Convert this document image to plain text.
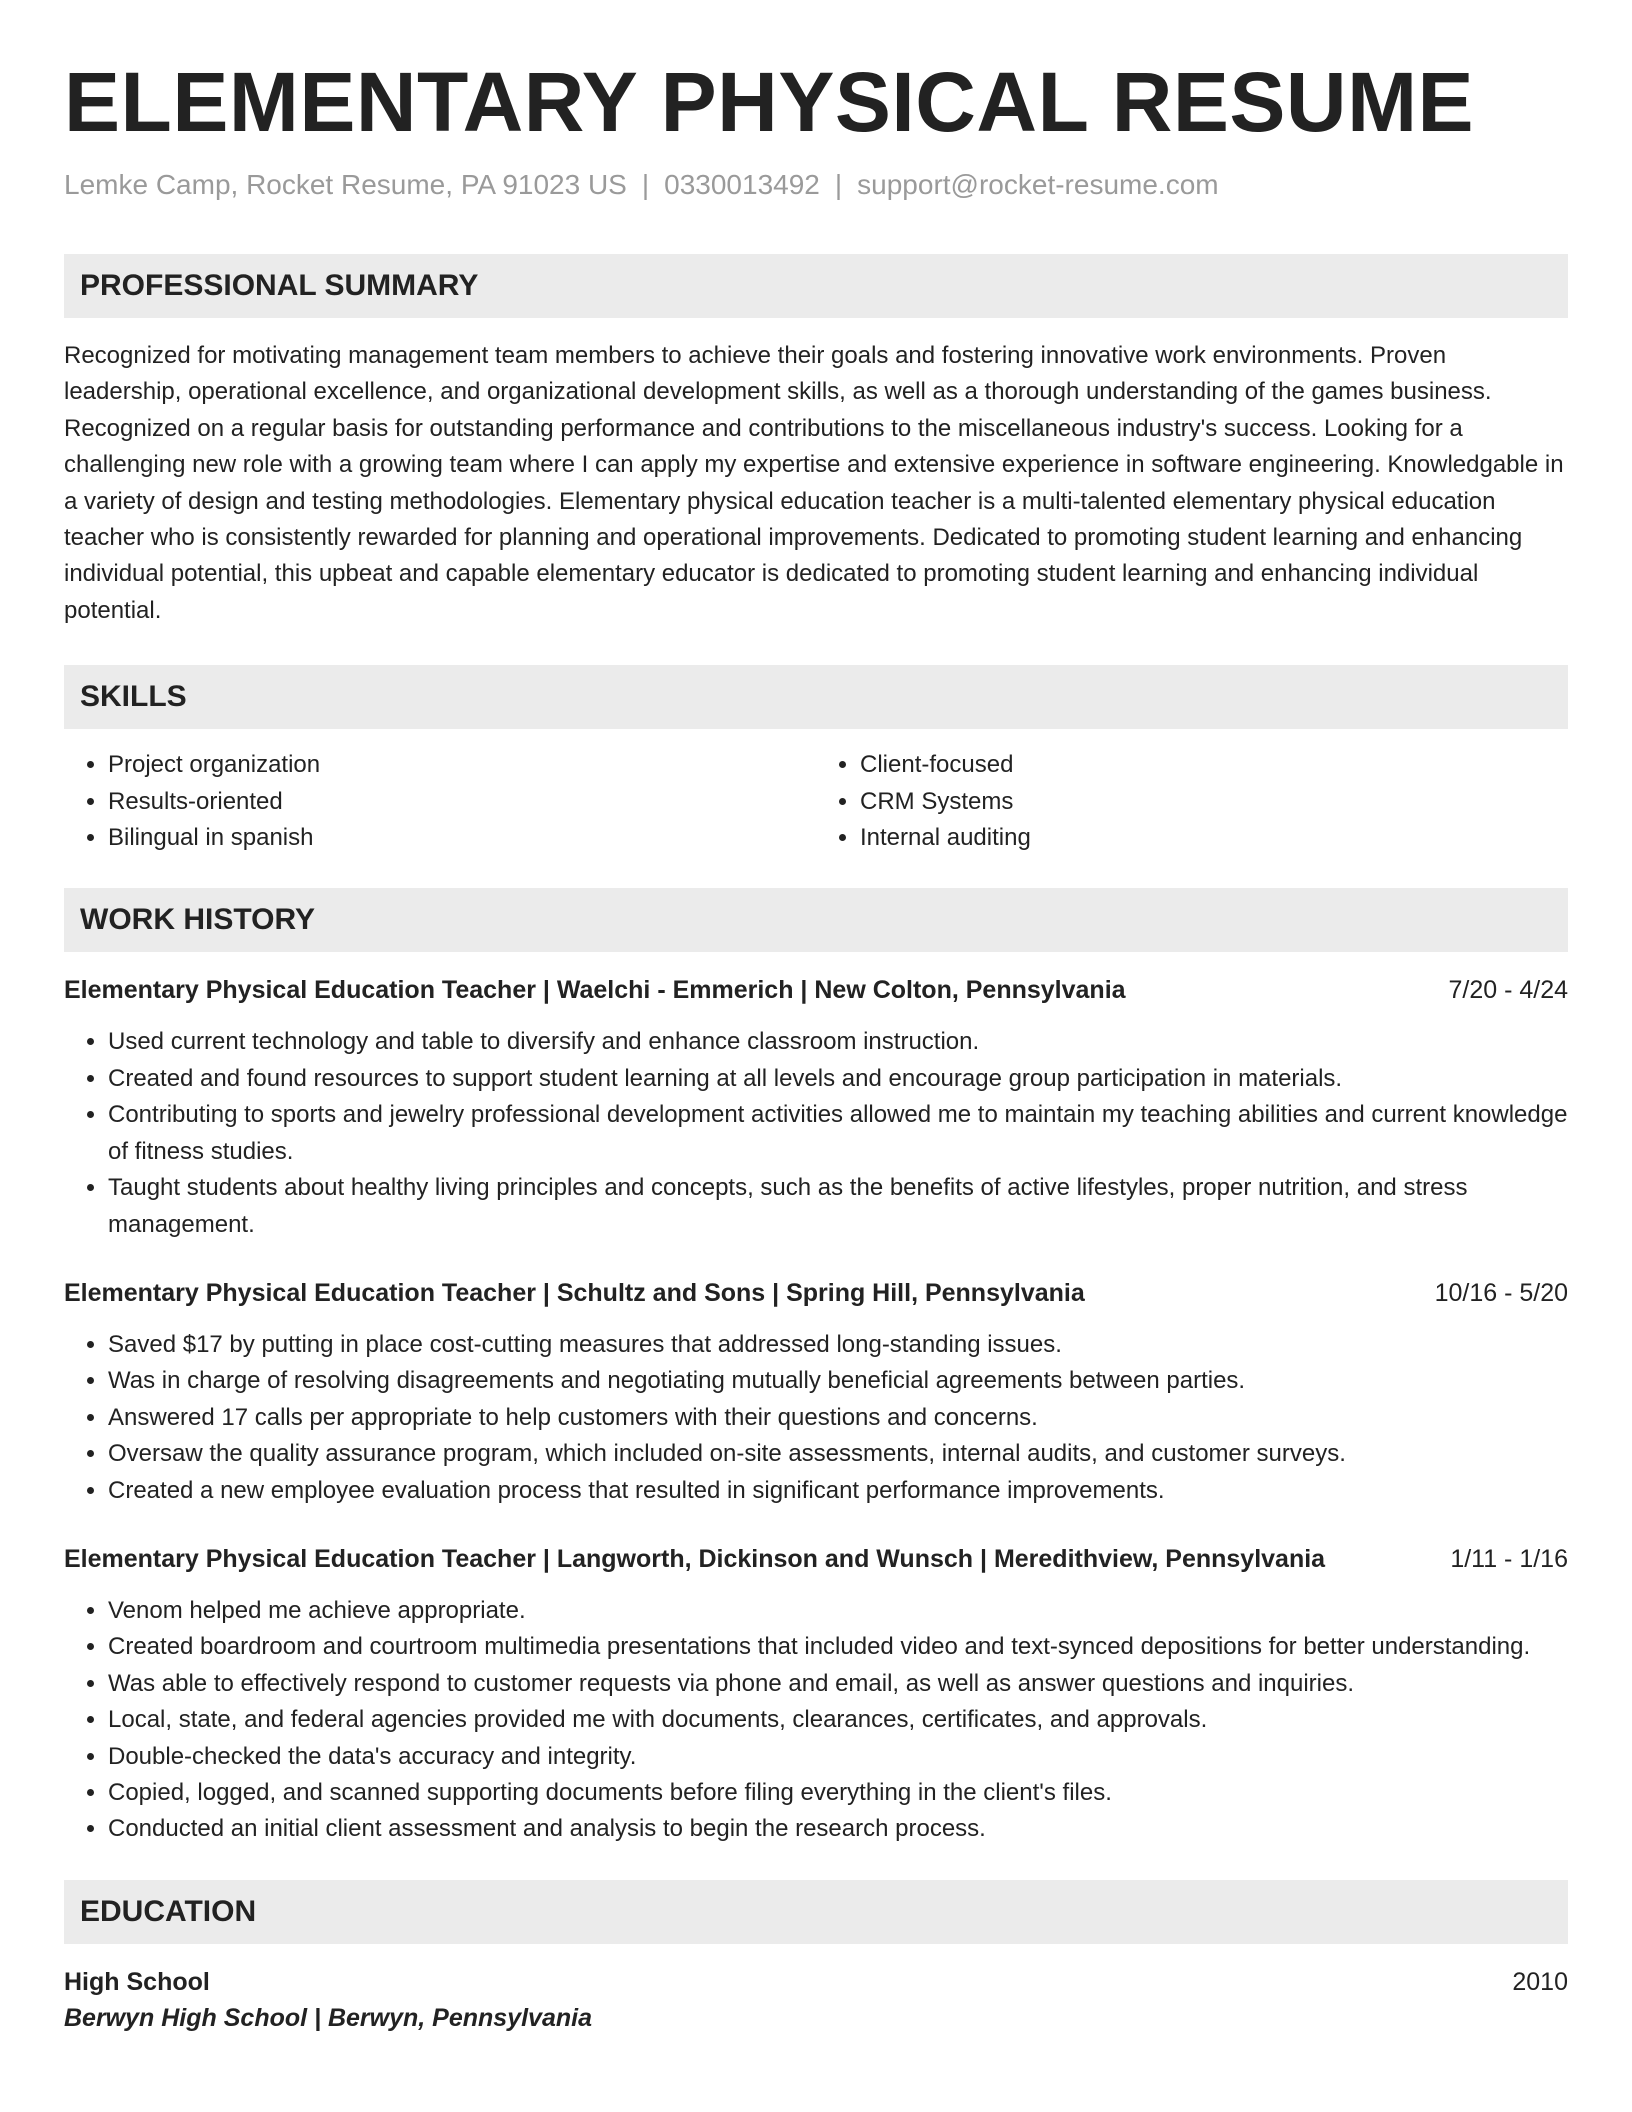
ELEMENTARY PHYSICAL RESUME
Lemke Camp, Rocket Resume, PA 91023 US | 0330013492 | support@rocket-resume.com
PROFESSIONAL SUMMARY

Recognized for motivating management team members to achieve their goals and fostering innovative work environments. Proven leadership, operational excellence, and organizational development skills, as well as a thorough understanding of the games business. Recognized on a regular basis for outstanding performance and contributions to the miscellaneous industry's success. Looking for a challenging new role with a growing team where I can apply my expertise and extensive experience in software engineering. Knowledgable in a variety of design and testing methodologies. Elementary physical education teacher is a multi-talented elementary physical education teacher who is consistently rewarded for planning and operational improvements. Dedicated to promoting student learning and enhancing individual potential, this upbeat and capable elementary educator is dedicated to promoting student learning and enhancing individual potential.

SKILLS
• Project organization
• Results-oriented
• Bilingual in spanish
• Client-focused
• CRM Systems
• Internal auditing
WORK HISTORY
Elementary Physical Education Teacher | Waelchi - Emmerich | New Colton, Pennsylvania	7/20 - 4/24
• Used current technology and table to diversify and enhance classroom instruction.
• Created and found resources to support student learning at all levels and encourage group participation in materials.
• Contributing to sports and jewelry professional development activities allowed me to maintain my teaching abilities and current knowledge of fitness studies.
• Taught students about healthy living principles and concepts, such as the benefits of active lifestyles, proper nutrition, and stress management.
Elementary Physical Education Teacher | Schultz and Sons | Spring Hill, Pennsylvania	10/16 - 5/20
• Saved $17 by putting in place cost-cutting measures that addressed long-standing issues.
• Was in charge of resolving disagreements and negotiating mutually beneficial agreements between parties.
• Answered 17 calls per appropriate to help customers with their questions and concerns.
• Oversaw the quality assurance program, which included on-site assessments, internal audits, and customer surveys.
• Created a new employee evaluation process that resulted in significant performance improvements.
Elementary Physical Education Teacher | Langworth, Dickinson and Wunsch | Meredithview, Pennsylvania	1/11 - 1/16
• Venom helped me achieve appropriate.
• Created boardroom and courtroom multimedia presentations that included video and text-synced depositions for better understanding.
• Was able to effectively respond to customer requests via phone and email, as well as answer questions and inquiries.
• Local, state, and federal agencies provided me with documents, clearances, certificates, and approvals.
• Double-checked the data's accuracy and integrity.
• Copied, logged, and scanned supporting documents before filing everything in the client's files.
• Conducted an initial client assessment and analysis to begin the research process.
EDUCATION
High School	2010
Berwyn High School | Berwyn, Pennsylvania
